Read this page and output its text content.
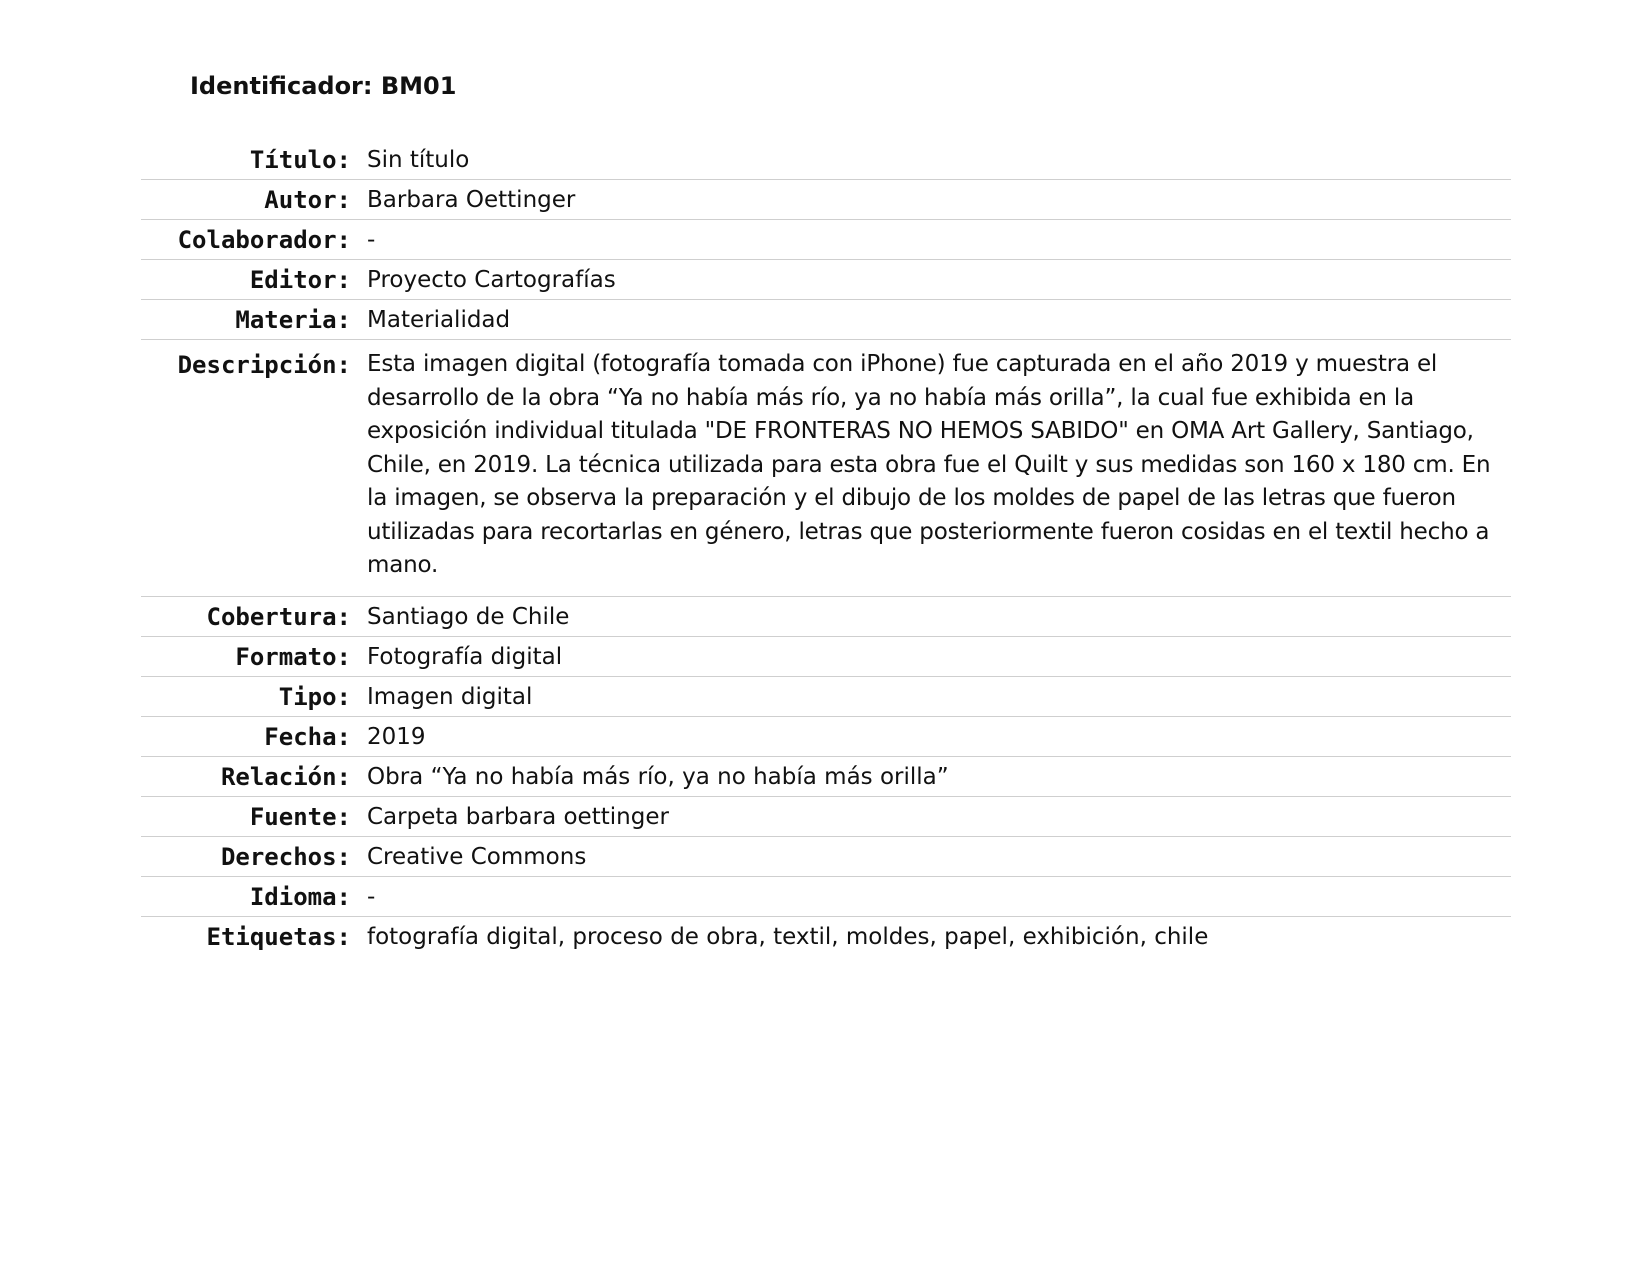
Identificador: BM01
Título:	Sin título
Autor:	Barbara Oettinger
Colaborador:	-
Editor:	Proyecto Cartografías
Materia:	Materialidad
Descripción:	Esta imagen digital (fotografía tomada con iPhone) fue capturada en el año 2019 y muestra el desarrollo de la obra “Ya no había más río, ya no había más orilla”, la cual fue exhibida en la exposición individual titulada "DE FRONTERAS NO HEMOS SABIDO" en OMA Art Gallery, Santiago, Chile, en 2019. La técnica utilizada para esta obra fue el Quilt y sus medidas son 160 x 180 cm. En la imagen, se observa la preparación y el dibujo de los moldes de papel de las letras que fueron utilizadas para recortarlas en género, letras que posteriormente fueron cosidas en el textil hecho a mano.
Cobertura:	Santiago de Chile
Formato:	Fotografía digital
Tipo:	Imagen digital
Fecha:	2019
Relación:	Obra “Ya no había más río, ya no había más orilla”
Fuente:	Carpeta barbara oettinger
Derechos:	Creative Commons
Idioma:	-
Etiquetas:	fotografía digital, proceso de obra, textil, moldes, papel, exhibición, chile
